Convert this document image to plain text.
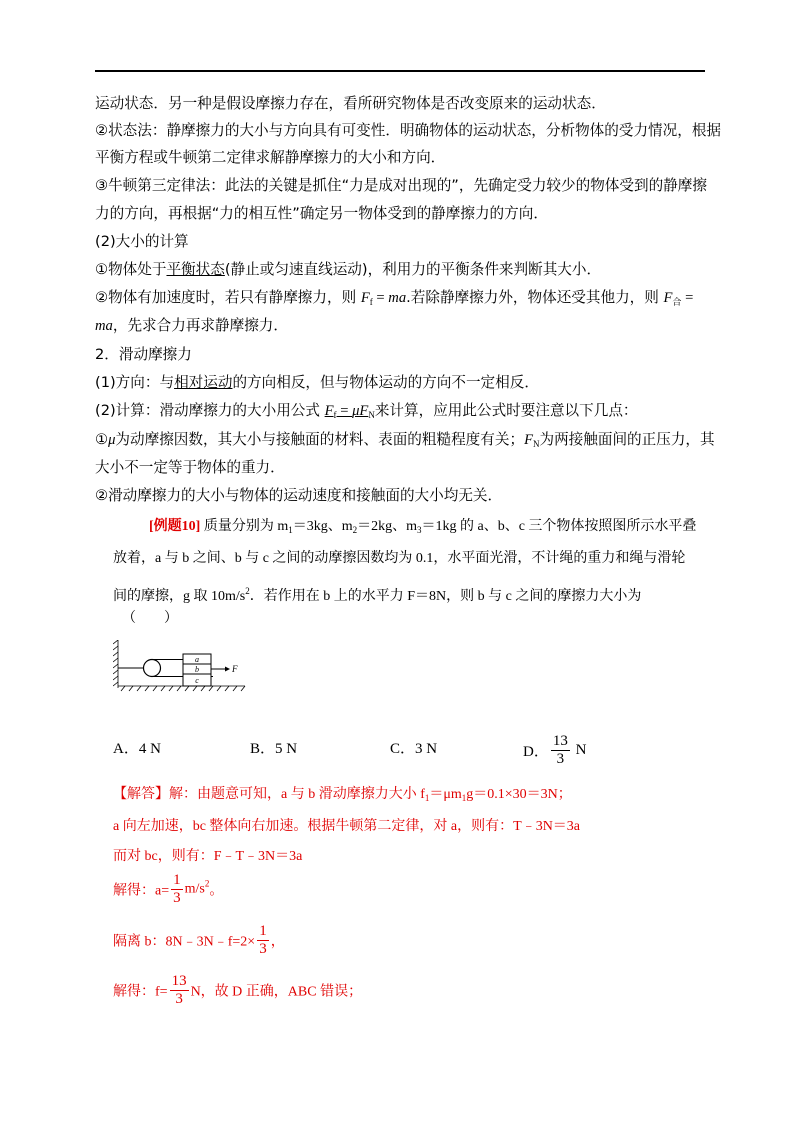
运动状态．另一种是假设摩擦力存在，看所研究物体是否改变原来的运动状态．
②状态法：静摩擦力的大小与方向具有可变性．明确物体的运动状态，分析物体的受力情况，根据
平衡方程或牛顿第二定律求解静摩擦力的大小和方向．
③牛顿第三定律法：此法的关键是抓住“力是成对出现的”，先确定受力较少的物体受到的静摩擦
力的方向，再根据“力的相互性”确定另一物体受到的静摩擦力的方向．
(2)大小的计算
①物体处于平衡状态(静止或匀速直线运动)，利用力的平衡条件来判断其大小．
②物体有加速度时，若只有静摩擦力，则 $F_f$ = ma.若除静摩擦力外，物体还受其他力，则 $F_合$ =
ma，先求合力再求静摩擦力．
2．滑动摩擦力
(1)方向：与相对运动的方向相反，但与物体运动的方向不一定相反．
(2)计算：滑动摩擦力的大小用公式 $F_f = \mu F_N$来计算，应用此公式时要注意以下几点：
①μ为动摩擦因数，其大小与接触面的材料、表面的粗糙程度有关；$F_N$为两接触面间的正压力，其
大小不一定等于物体的重力．
②滑动摩擦力的大小与物体的运动速度和接触面的大小均无关．
[例题10] 质量分别为 $m_1=3kg$、$m_2=2kg$、$m_3=1kg$ 的 a、b、c 三个物体按照图所示水平叠
放着，a 与 b 之间、b 与 c 之间的动摩擦因数均为 0.1，水平面光滑，不计绳的重力和绳与滑轮
间的摩擦，g 取 $10m/s^2$．若作用在 b 上的水平力 F＝8N，则 b 与 c 之间的摩擦力大小为
（　　）
a
b
c
F
A．4 N	B．5 N	C．3 N	D． $\frac{13}{3}$ N
【解答】解：由题意可知，a 与 b 滑动摩擦力大小 $f_1=\mu m_1g=0.1\times 30=3N$；
a 向左加速，bc 整体向右加速。根据牛顿第二定律，对 a，则有：T﹣3N＝3a
而对 bc，则有：F﹣T﹣3N＝3a
解得：$a= \frac{1}{3} m/s^2$。
隔离 b：8N﹣3N﹣f=2× $\frac{1}{3}$ ，
解得：$f= \frac{13}{3}$ N，故 D 正确，ABC 错误；
